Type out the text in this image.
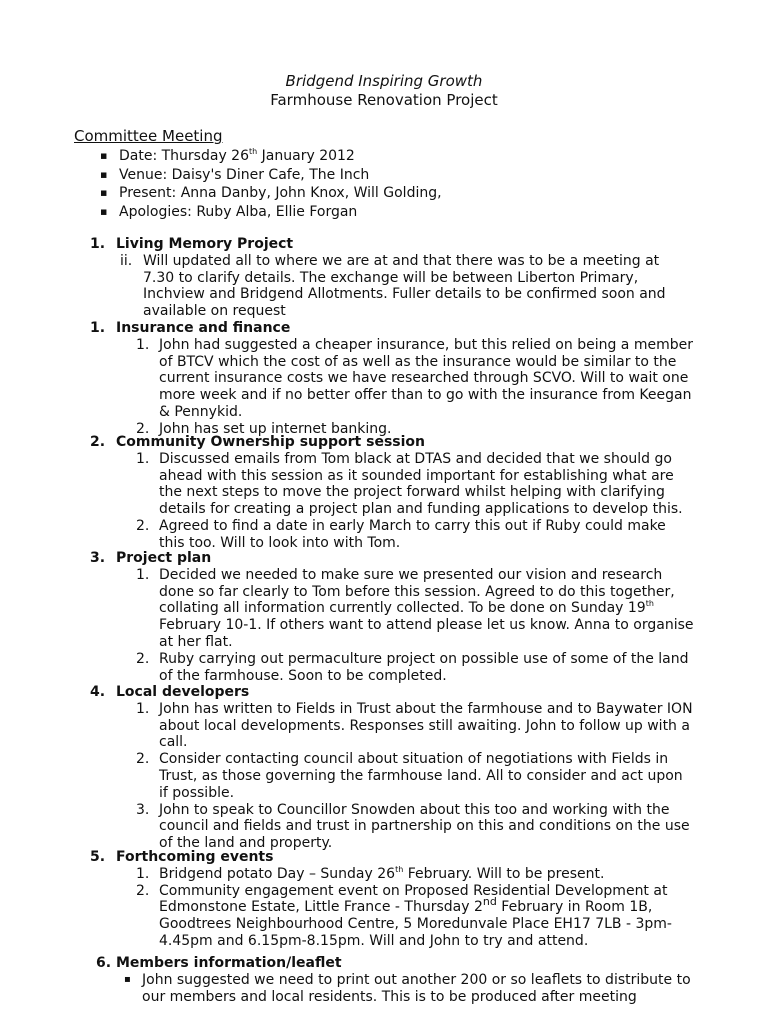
Bridgend Inspiring Growth
Farmhouse Renovation Project
Committee Meeting
▪ Date: Thursday 26th January 2012
▪ Venue: Daisy's Diner Cafe, The Inch
▪ Present: Anna Danby, John Knox, Will Golding,
▪ Apologies: Ruby Alba, Ellie Forgan
1. Living Memory Project
ii. Will updated all to where we are at and that there was to be a meeting at 7.30 to clarify details. The exchange will be between Liberton Primary, Inchview and Bridgend Allotments. Fuller details to be confirmed soon and available on request
1. Insurance and finance
1. John had suggested a cheaper insurance, but this relied on being a member of BTCV which the cost of as well as the insurance would be similar to the current insurance costs we have researched through SCVO. Will to wait one more week and if no better offer than to go with the insurance from Keegan & Pennykid.
2. John has set up internet banking.
2. Community Ownership support session
1. Discussed emails from Tom black at DTAS and decided that we should go ahead with this session as it sounded important for establishing what are the next steps to move the project forward whilst helping with clarifying details for creating a project plan and funding applications to develop this.
2. Agreed to find a date in early March to carry this out if Ruby could make this too. Will to look into with Tom.
3. Project plan
1. Decided we needed to make sure we presented our vision and research done so far clearly to Tom before this session. Agreed to do this together, collating all information currently collected. To be done on Sunday 19th February 10-1. If others want to attend please let us know. Anna to organise at her flat.
2. Ruby carrying out permaculture project on possible use of some of the land of the farmhouse. Soon to be completed.
4. Local developers
1. John has written to Fields in Trust about the farmhouse and to Baywater ION about local developments. Responses still awaiting. John to follow up with a call.
2. Consider contacting council about situation of negotiations with Fields in Trust, as those governing the farmhouse land. All to consider and act upon if possible.
3. John to speak to Councillor Snowden about this too and working with the council and fields and trust in partnership on this and conditions on the use of the land and property.
5. Forthcoming events
1. Bridgend potato Day – Sunday 26th February. Will to be present.
2. Community engagement event on Proposed Residential Development at Edmonstone Estate, Little France - Thursday 2nd February in Room 1B, Goodtrees Neighbourhood Centre, 5 Moredunvale Place EH17 7LB - 3pm-4.45pm and 6.15pm-8.15pm. Will and John to try and attend.
6. Members information/leaflet
▪ John suggested we need to print out another 200 or so leaflets to distribute to our members and local residents. This is to be produced after meeting
